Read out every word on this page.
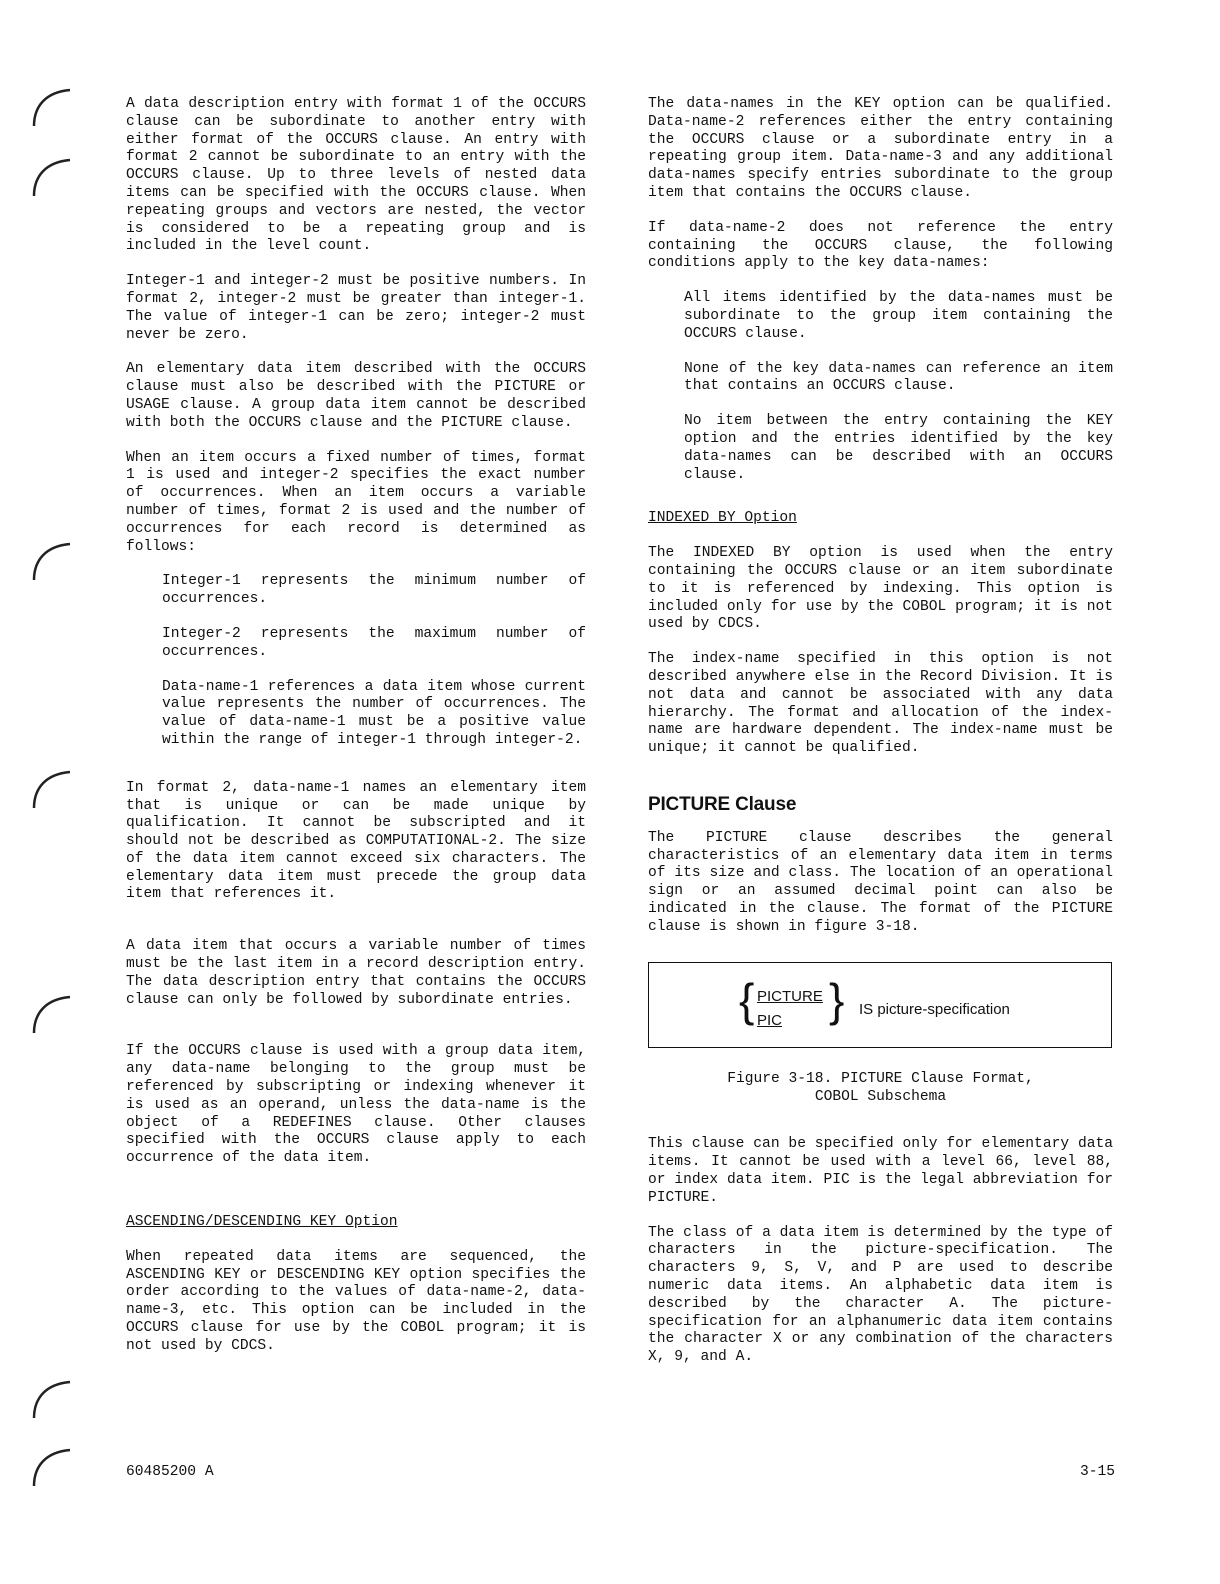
A data description entry with format 1 of the OCCURS clause can be subordinate to another entry with either format of the OCCURS clause. An entry with format 2 cannot be subordinate to an entry with the OCCURS clause. Up to three levels of nested data items can be specified with the OCCURS clause. When repeating groups and vectors are nested, the vector is considered to be a repeating group and is included in the level count.

Integer-1 and integer-2 must be positive numbers. In format 2, integer-2 must be greater than integer-1. The value of integer-1 can be zero; integer-2 must never be zero.

An elementary data item described with the OCCURS clause must also be described with the PICTURE or USAGE clause. A group data item cannot be described with both the OCCURS clause and the PICTURE clause.

When an item occurs a fixed number of times, format 1 is used and integer-2 specifies the exact number of occurrences. When an item occurs a variable number of times, format 2 is used and the number of occurrences for each record is determined as follows:

Integer-1 represents the minimum number of occurrences.

Integer-2 represents the maximum number of occurrences.

Data-name-1 references a data item whose current value represents the number of occurrences. The value of data-name-1 must be a positive value within the range of integer-1 through integer-2.

In format 2, data-name-1 names an elementary item that is unique or can be made unique by qualification. It cannot be subscripted and it should not be described as COMPUTATIONAL-2. The size of the data item cannot exceed six characters. The elementary data item must precede the group data item that references it.

A data item that occurs a variable number of times must be the last item in a record description entry. The data description entry that contains the OCCURS clause can only be followed by subordinate entries.

If the OCCURS clause is used with a group data item, any data-name belonging to the group must be referenced by subscripting or indexing whenever it is used as an operand, unless the data-name is the object of a REDEFINES clause. Other clauses specified with the OCCURS clause apply to each occurrence of the data item.

ASCENDING/DESCENDING KEY Option

When repeated data items are sequenced, the ASCENDING KEY or DESCENDING KEY option specifies the order according to the values of data-name-2, data-name-3, etc. This option can be included in the OCCURS clause for use by the COBOL program; it is not used by CDCS.

The data-names in the KEY option can be qualified. Data-name-2 references either the entry containing the OCCURS clause or a subordinate entry in a repeating group item. Data-name-3 and any additional data-names specify entries subordinate to the group item that contains the OCCURS clause.

If data-name-2 does not reference the entry containing the OCCURS clause, the following conditions apply to the key data-names:

All items identified by the data-names must be subordinate to the group item containing the OCCURS clause.

None of the key data-names can reference an item that contains an OCCURS clause.

No item between the entry containing the KEY option and the entries identified by the key data-names can be described with an OCCURS clause.

INDEXED BY Option

The INDEXED BY option is used when the entry containing the OCCURS clause or an item subordinate to it is referenced by indexing. This option is included only for use by the COBOL program; it is not used by CDCS.

The index-name specified in this option is not described anywhere else in the Record Division. It is not data and cannot be associated with any data hierarchy. The format and allocation of the index-name are hardware dependent. The index-name must be unique; it cannot be qualified.

PICTURE Clause

The PICTURE clause describes the general characteristics of an elementary data item in terms of its size and class. The location of an operational sign or an assumed decimal point can also be indicated in the clause. The format of the PICTURE clause is shown in figure 3-18.

{ PICTURE
PIC } IS picture-specification
Figure 3-18. PICTURE Clause Format,
COBOL Subschema

This clause can be specified only for elementary data items. It cannot be used with a level 66, level 88, or index data item. PIC is the legal abbreviation for PICTURE.

The class of a data item is determined by the type of characters in the picture-specification. The characters 9, S, V, and P are used to describe numeric data items. An alphabetic data item is described by the character A. The picture-specification for an alphanumeric data item contains the character X or any combination of the characters X, 9, and A.

60485200 A	3-15
